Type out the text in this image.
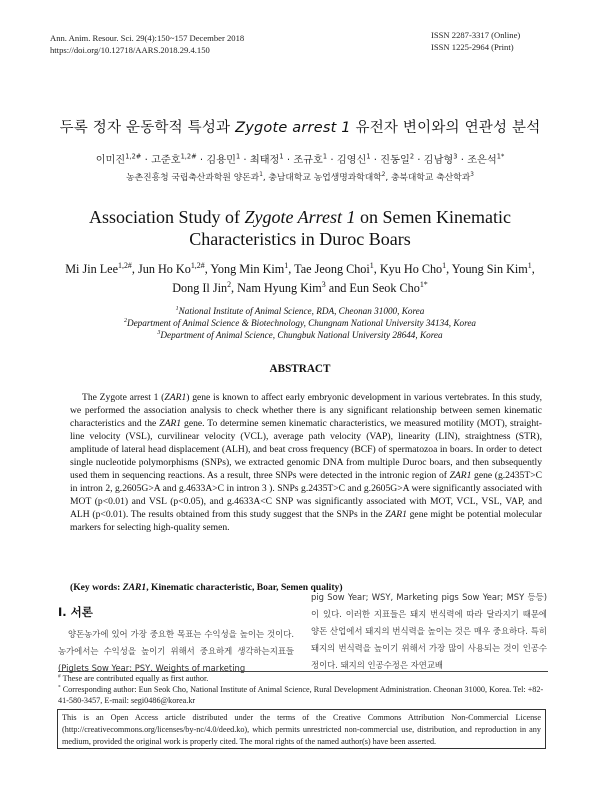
Ann. Anim. Resour. Sci. 29(4):150~157 December 2018
https://doi.org/10.12718/AARS.2018.29.4.150
ISSN 2287-3317 (Online)
ISSN 1225-2964 (Print)
두록 정자 운동학적 특성과 Zygote arrest 1 유전자 변이와의 연관성 분석
이미진$^{1,2\#}$ · 고준호$^{1,2\#}$ · 김용민$^1$ · 최태정$^1$ · 조규호$^1$ · 김영신$^1$ · 진동일$^2$ · 김남형$^3$ · 조은석$^{1*}$
농촌진흥청 국립축산과학원 양돈과$^1$, 충남대학교 농업생명과학대학$^2$, 충북대학교 축산학과$^3$
Association Study of Zygote Arrest 1 on Semen Kinematic
Characteristics in Duroc Boars
Mi Jin Lee$^{1,2\#}$, Jun Ho $Ko^{1,2\#}$, Yong Min Kim$^1$, Tae Jeong Choi$^1$, Kyu Ho Cho$^1$, Young Sin Kim$^1$,
Dong Il Jin$^2$, Nam Hyung Kim$^3$ and Eun Seok Cho$^{1*}$
$^1$National Institute of Animal Science, RDA, Cheonan 31000, Korea
$^2$Department of Animal Science & Biotechnology, Chungnam National University 34134, Korea
$^3$Department of Animal Science, Chungbuk National University 28644, Korea
ABSTRACT

The Zygote arrest 1 (ZAR1) gene is known to affect early embryonic development in various vertebrates. In this study, we performed the association analysis to check whether there is any significant relationship between semen kinematic characteristics and the ZAR1 gene. To determine semen kinematic characteristics, we measured motility (MOT), straight-line velocity (VSL), curvilinear velocity (VCL), average path velocity (VAP), linearity (LIN), straightness (STR), amplitude of lateral head displacement (ALH), and beat cross frequency (BCF) of spermatozoa in boars. In order to detect single nucleotide polymorphisms (SNPs), we extracted genomic DNA from multiple Duroc boars, and then subsequently used them in sequencing reactions. As a result, three SNPs were detected in the intronic region of ZAR1 gene (g.2435T>C in intron 2, g.2605G>A and g.4633A>C in intron 3 ). SNPs g.2435T>C and g.2605G>A were significantly associated with MOT (p<0.01) and VSL (p<0.05), and g.4633A<C SNP was significantly associated with MOT, VCL, VSL, VAP, and ALH (p<0.01). The results obtained from this study suggest that the SNPs in the ZAR1 gene might be potential molecular markers for selecting high-quality semen.

(Key words: ZAR1, Kinematic characteristic, Boar, Semen quality)
I. 서론

양돈농가에 있어 가장 중요한 목표는 수익성을 높이는 것이다. 농가에서는 수익성을 높이기 위해서 중요하게 생각하는지표들(Piglets Sow Year; PSY, Weights of marketing

pig Sow Year; WSY, Marketing pigs Sow Year; MSY 등등)이 있다. 이러한 지표들은 돼지 번식력에 따라 달라지기 때문에 양돈 산업에서 돼지의 번식력을 높이는 것은 매우 중요하다. 특히 돼지의 번식력을 높이기 위해서 가장 많이 사용되는 것이 인공수정이다. 돼지의 인공수정은 자연교배

# These are contributed equally as first author.
* Corresponding author: Eun Seok Cho, National Institute of Animal Science, Rural Development Administration. Cheonan 31000, Korea. Tel: +82-41-580-3457, E-mail: segi0486@korea.kr
This is an Open Access article distributed under the terms of the Creative Commons Attribution Non-Commercial License (http://creativecommons.org/licenses/by-nc/4.0/deed.ko), which permits unrestricted non-commercial use, distribution, and reproduction in any medium, provided the original work is properly cited. The moral rights of the named author(s) have been asserted.
